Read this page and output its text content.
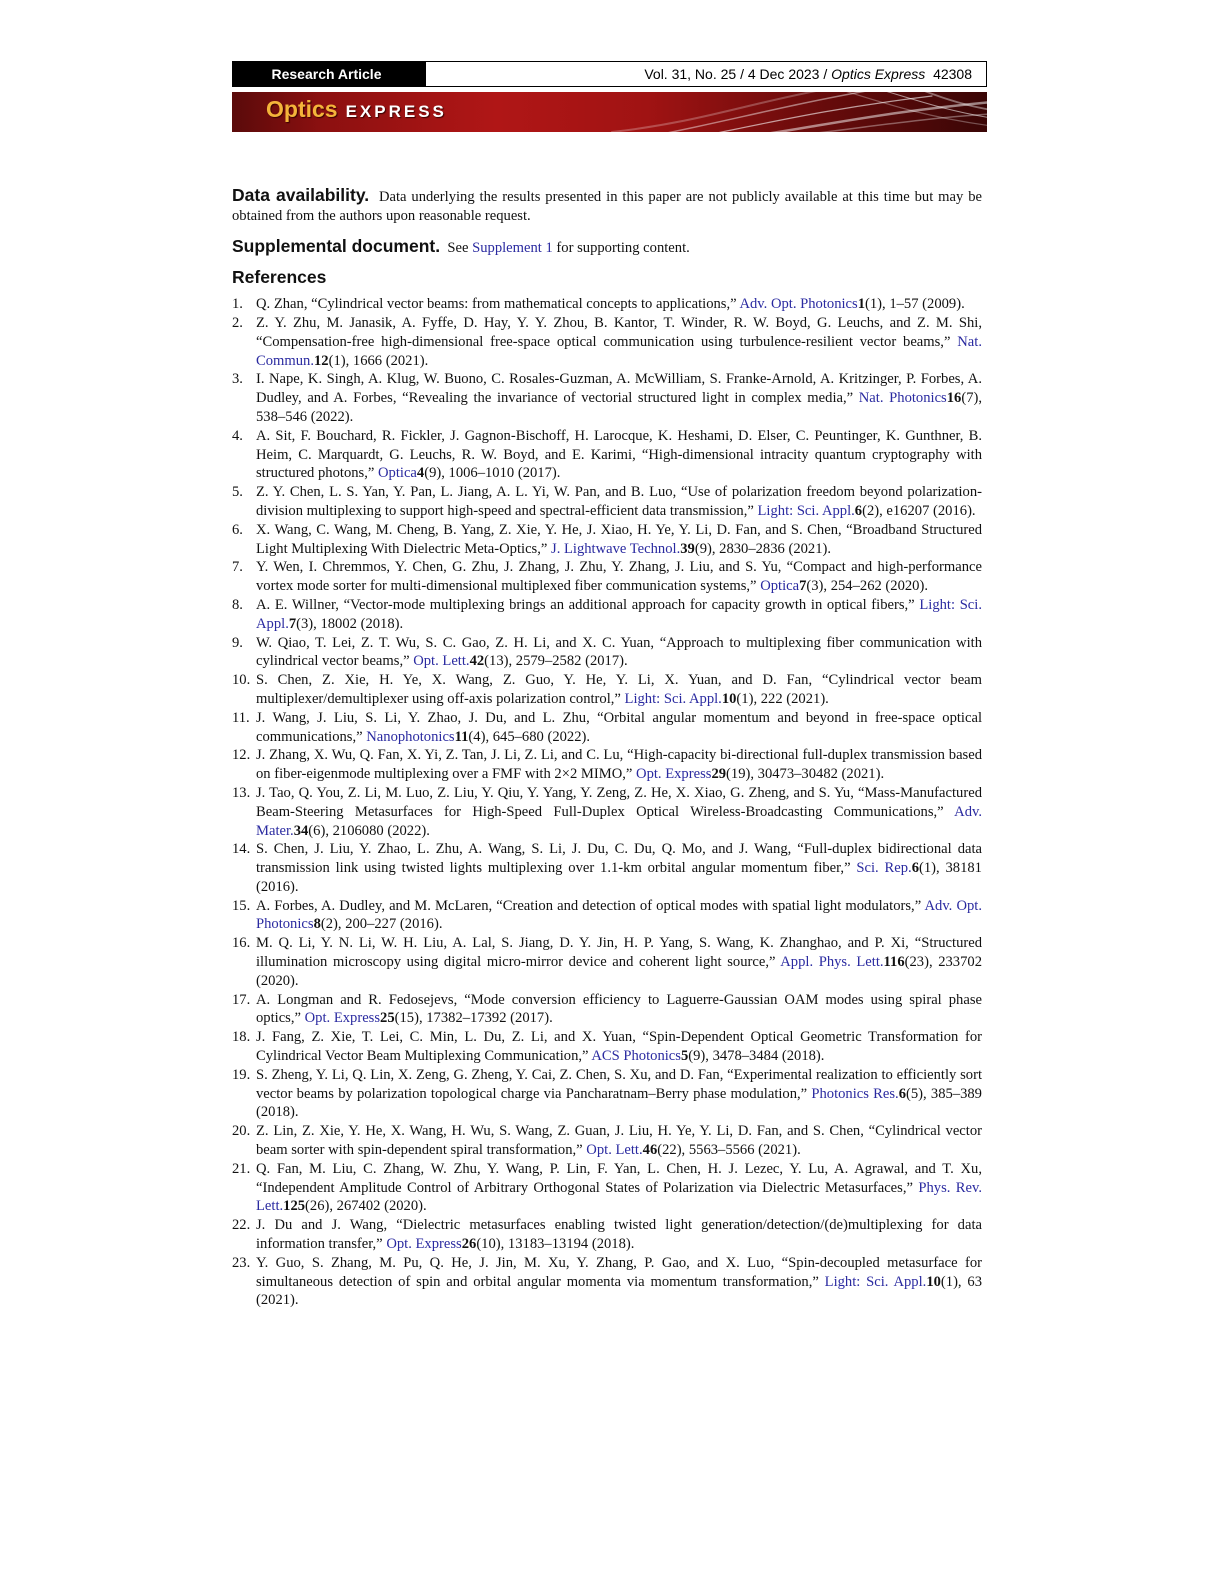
Research Article	Vol. 31, No. 25 / 4 Dec 2023 / Optics Express
42308
Optics EXPRESS

Data availability. Data underlying the results presented in this paper are not publicly available at this time but may be obtained from the authors upon reasonable request.

Supplemental document. See Supplement 1 for supporting content.

References
1. Q. Zhan, “Cylindrical vector beams: from mathematical concepts to applications,” Adv. Opt. Photonics1(1), 1–57 (2009).
2. Z. Y. Zhu, M. Janasik, A. Fyffe, D. Hay, Y. Y. Zhou, B. Kantor, T. Winder, R. W. Boyd, G. Leuchs, and Z. M. Shi, “Compensation-free high-dimensional free-space optical communication using turbulence-resilient vector beams,” Nat. Commun.12(1), 1666 (2021).
3. I. Nape, K. Singh, A. Klug, W. Buono, C. Rosales-Guzman, A. McWilliam, S. Franke-Arnold, A. Kritzinger, P. Forbes, A. Dudley, and A. Forbes, “Revealing the invariance of vectorial structured light in complex media,” Nat. Photonics16(7), 538–546 (2022).
4. A. Sit, F. Bouchard, R. Fickler, J. Gagnon-Bischoff, H. Larocque, K. Heshami, D. Elser, C. Peuntinger, K. Gunthner, B. Heim, C. Marquardt, G. Leuchs, R. W. Boyd, and E. Karimi, “High-dimensional intracity quantum cryptography with structured photons,” Optica4(9), 1006–1010 (2017).
5. Z. Y. Chen, L. S. Yan, Y. Pan, L. Jiang, A. L. Yi, W. Pan, and B. Luo, “Use of polarization freedom beyond polarization-division multiplexing to support high-speed and spectral-efficient data transmission,” Light: Sci. Appl.6(2), e16207 (2016).
6. X. Wang, C. Wang, M. Cheng, B. Yang, Z. Xie, Y. He, J. Xiao, H. Ye, Y. Li, D. Fan, and S. Chen, “Broadband Structured Light Multiplexing With Dielectric Meta-Optics,” J. Lightwave Technol.39(9), 2830–2836 (2021).
7. Y. Wen, I. Chremmos, Y. Chen, G. Zhu, J. Zhang, J. Zhu, Y. Zhang, J. Liu, and S. Yu, “Compact and high-performance vortex mode sorter for multi-dimensional multiplexed fiber communication systems,” Optica7(3), 254–262 (2020).
8. A. E. Willner, “Vector-mode multiplexing brings an additional approach for capacity growth in optical fibers,” Light: Sci. Appl.7(3), 18002 (2018).
9. W. Qiao, T. Lei, Z. T. Wu, S. C. Gao, Z. H. Li, and X. C. Yuan, “Approach to multiplexing fiber communication with cylindrical vector beams,” Opt. Lett.42(13), 2579–2582 (2017).
10. S. Chen, Z. Xie, H. Ye, X. Wang, Z. Guo, Y. He, Y. Li, X. Yuan, and D. Fan, “Cylindrical vector beam multiplexer/demultiplexer using off-axis polarization control,” Light: Sci. Appl.10(1), 222 (2021).
11. J. Wang, J. Liu, S. Li, Y. Zhao, J. Du, and L. Zhu, “Orbital angular momentum and beyond in free-space optical communications,” Nanophotonics11(4), 645–680 (2022).
12. J. Zhang, X. Wu, Q. Fan, X. Yi, Z. Tan, J. Li, Z. Li, and C. Lu, “High-capacity bi-directional full-duplex transmission based on fiber-eigenmode multiplexing over a FMF with 2×2 MIMO,” Opt. Express29(19), 30473–30482 (2021).
13. J. Tao, Q. You, Z. Li, M. Luo, Z. Liu, Y. Qiu, Y. Yang, Y. Zeng, Z. He, X. Xiao, G. Zheng, and S. Yu, “Mass-Manufactured Beam-Steering Metasurfaces for High-Speed Full-Duplex Optical Wireless-Broadcasting Communications,” Adv. Mater.34(6), 2106080 (2022).
14. S. Chen, J. Liu, Y. Zhao, L. Zhu, A. Wang, S. Li, J. Du, C. Du, Q. Mo, and J. Wang, “Full-duplex bidirectional data transmission link using twisted lights multiplexing over 1.1-km orbital angular momentum fiber,” Sci. Rep.6(1), 38181 (2016).
15. A. Forbes, A. Dudley, and M. McLaren, “Creation and detection of optical modes with spatial light modulators,” Adv. Opt. Photonics8(2), 200–227 (2016).
16. M. Q. Li, Y. N. Li, W. H. Liu, A. Lal, S. Jiang, D. Y. Jin, H. P. Yang, S. Wang, K. Zhanghao, and P. Xi, “Structured illumination microscopy using digital micro-mirror device and coherent light source,” Appl. Phys. Lett.116(23), 233702 (2020).
17. A. Longman and R. Fedosejevs, “Mode conversion efficiency to Laguerre-Gaussian OAM modes using spiral phase optics,” Opt. Express25(15), 17382–17392 (2017).
18. J. Fang, Z. Xie, T. Lei, C. Min, L. Du, Z. Li, and X. Yuan, “Spin-Dependent Optical Geometric Transformation for Cylindrical Vector Beam Multiplexing Communication,” ACS Photonics5(9), 3478–3484 (2018).
19. S. Zheng, Y. Li, Q. Lin, X. Zeng, G. Zheng, Y. Cai, Z. Chen, S. Xu, and D. Fan, “Experimental realization to efficiently sort vector beams by polarization topological charge via Pancharatnam–Berry phase modulation,” Photonics Res.6(5), 385–389 (2018).
20. Z. Lin, Z. Xie, Y. He, X. Wang, H. Wu, S. Wang, Z. Guan, J. Liu, H. Ye, Y. Li, D. Fan, and S. Chen, “Cylindrical vector beam sorter with spin-dependent spiral transformation,” Opt. Lett.46(22), 5563–5566 (2021).
21. Q. Fan, M. Liu, C. Zhang, W. Zhu, Y. Wang, P. Lin, F. Yan, L. Chen, H. J. Lezec, Y. Lu, A. Agrawal, and T. Xu, “Independent Amplitude Control of Arbitrary Orthogonal States of Polarization via Dielectric Metasurfaces,” Phys. Rev. Lett.125(26), 267402 (2020).
22. J. Du and J. Wang, “Dielectric metasurfaces enabling twisted light generation/detection/(de)multiplexing for data information transfer,” Opt. Express26(10), 13183–13194 (2018).
23. Y. Guo, S. Zhang, M. Pu, Q. He, J. Jin, M. Xu, Y. Zhang, P. Gao, and X. Luo, “Spin-decoupled metasurface for simultaneous detection of spin and orbital angular momenta via momentum transformation,” Light: Sci. Appl.10(1), 63 (2021).
